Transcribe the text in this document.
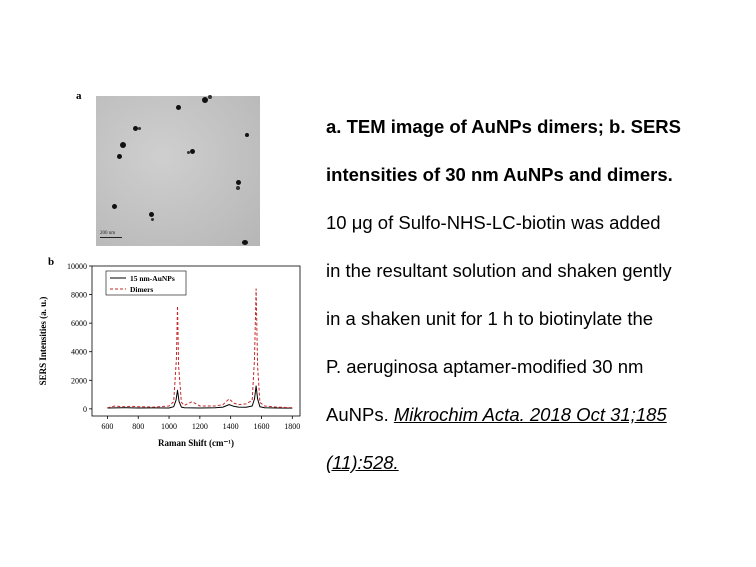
a
200 nm
b
600 800 1000 1200 1400 1600 1800
0
2000
4000
6000
8000
10000
Raman Shift (cm⁻¹)
SERS Intensities (a. u.)
15 nm-AuNPs
Dimers
a. TEM image of AuNPs dimers; b. SERS
intensities of 30 nm AuNPs and dimers.
10 μg of Sulfo-NHS-LC-biotin was added
in the resultant solution and shaken gently
in a shaken unit for 1 h to biotinylate the
P. aeruginosa aptamer-modified 30 nm
AuNPs. Mikrochim Acta. 2018 Oct 31;185
(11):528.
